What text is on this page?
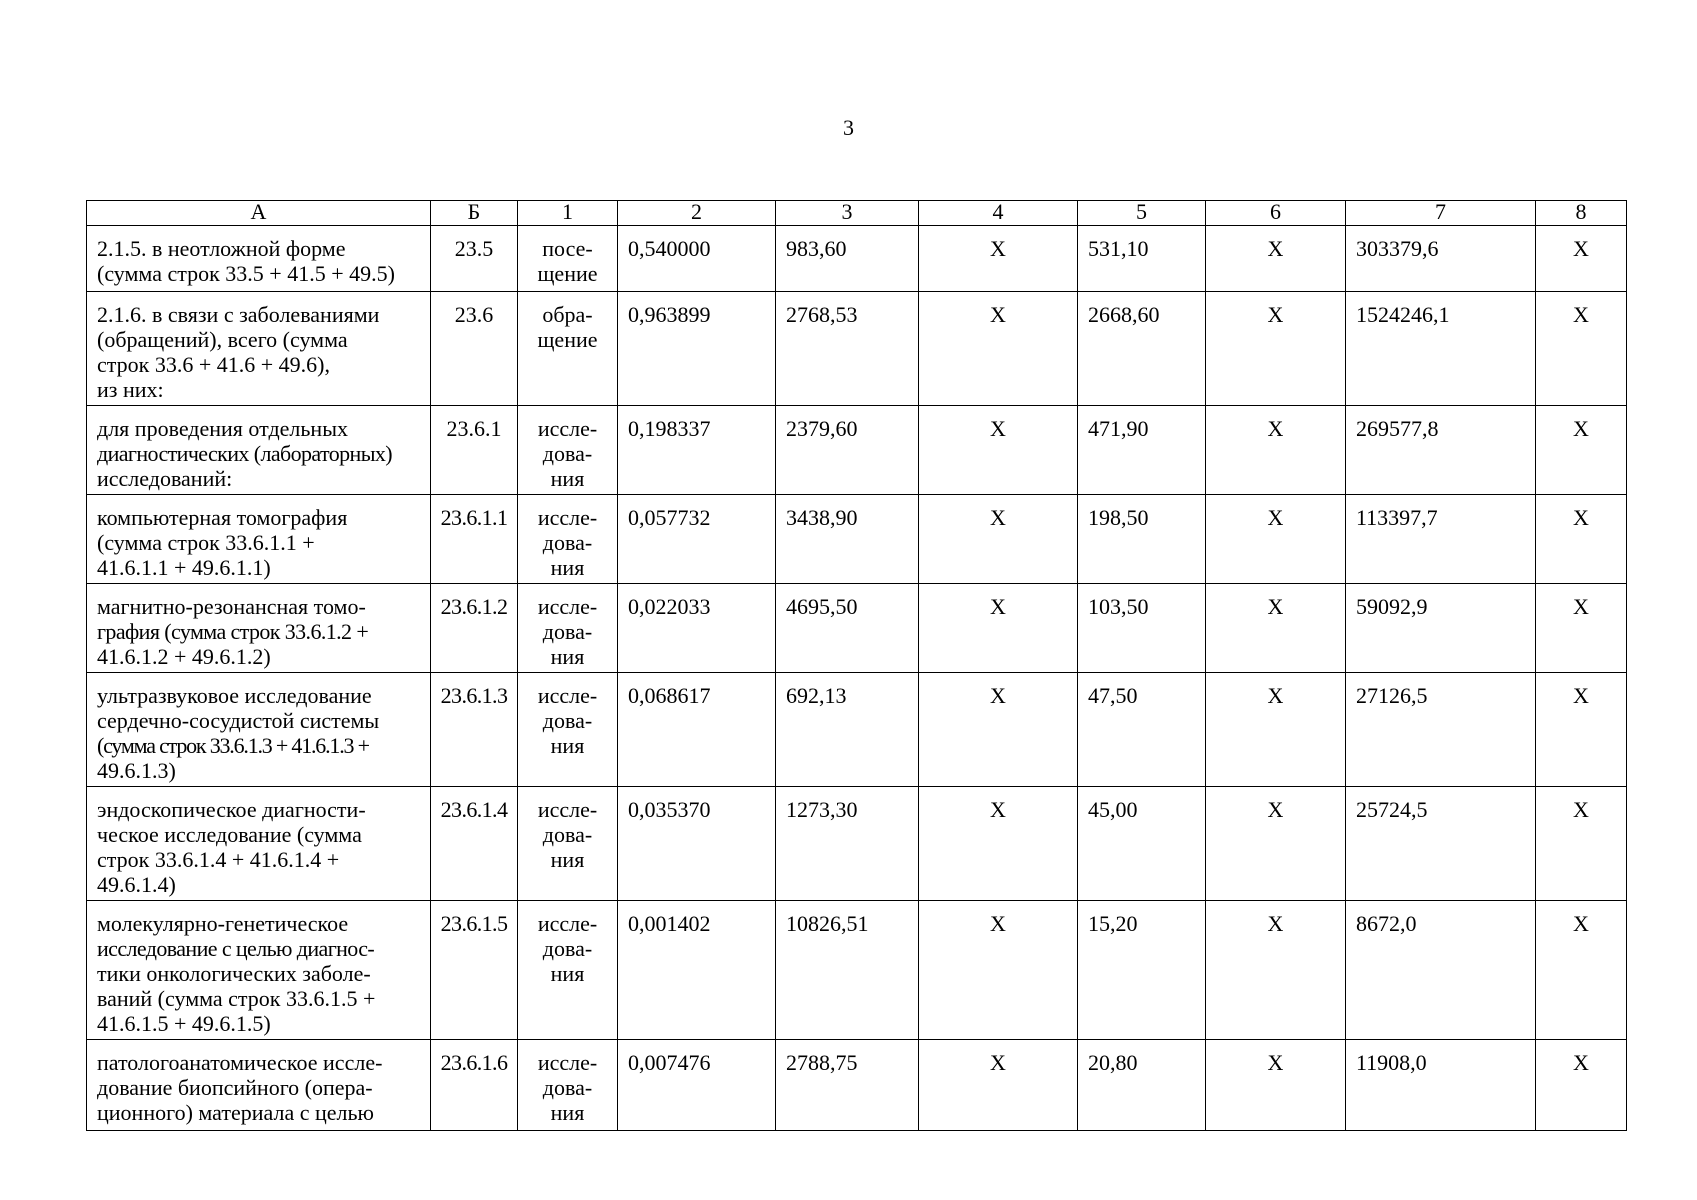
3
А	Б	1	2	3	4	5	6	7	8
2.1.5. в неотложной форме
(сумма строк 33.5 + 41.5 + 49.5)	23.5	посе-
щение	0,540000	983,60	Х	531,10	Х	303379,6	Х
2.1.6. в связи с заболеваниями
(обращений), всего (сумма
строк 33.6 + 41.6 + 49.6),
из них:	23.6	обра-
щение	0,963899	2768,53	Х	2668,60	Х	1524246,1	Х
для проведения отдельных
диагностических (лабораторных)
исследований:	23.6.1	иссле-
дова-
ния	0,198337	2379,60	Х	471,90	Х	269577,8	Х
компьютерная томография
(сумма строк 33.6.1.1 +
41.6.1.1 + 49.6.1.1)	23.6.1.1	иссле-
дова-
ния	0,057732	3438,90	Х	198,50	Х	113397,7	Х
магнитно-резонансная томо-
графия (сумма строк 33.6.1.2 +
41.6.1.2 + 49.6.1.2)	23.6.1.2	иссле-
дова-
ния	0,022033	4695,50	Х	103,50	Х	59092,9	Х
ультразвуковое исследование
сердечно-сосудистой системы
(сумма строк 33.6.1.3 + 41.6.1.3 +
49.6.1.3)	23.6.1.3	иссле-
дова-
ния	0,068617	692,13	Х	47,50	Х	27126,5	Х
эндоскопическое диагности-
ческое исследование (сумма
строк 33.6.1.4 + 41.6.1.4 +
49.6.1.4)	23.6.1.4	иссле-
дова-
ния	0,035370	1273,30	Х	45,00	Х	25724,5	Х
молекулярно-генетическое
исследование с целью диагнос-
тики онкологических заболе-
ваний (сумма строк 33.6.1.5 +
41.6.1.5 + 49.6.1.5)	23.6.1.5	иссле-
дова-
ния	0,001402	10826,51	Х	15,20	Х	8672,0	Х
патологоанатомическое иссле-
дование биопсийного (опера-
ционного) материала с целью	23.6.1.6	иссле-
дова-
ния	0,007476	2788,75	Х	20,80	Х	11908,0	Х
